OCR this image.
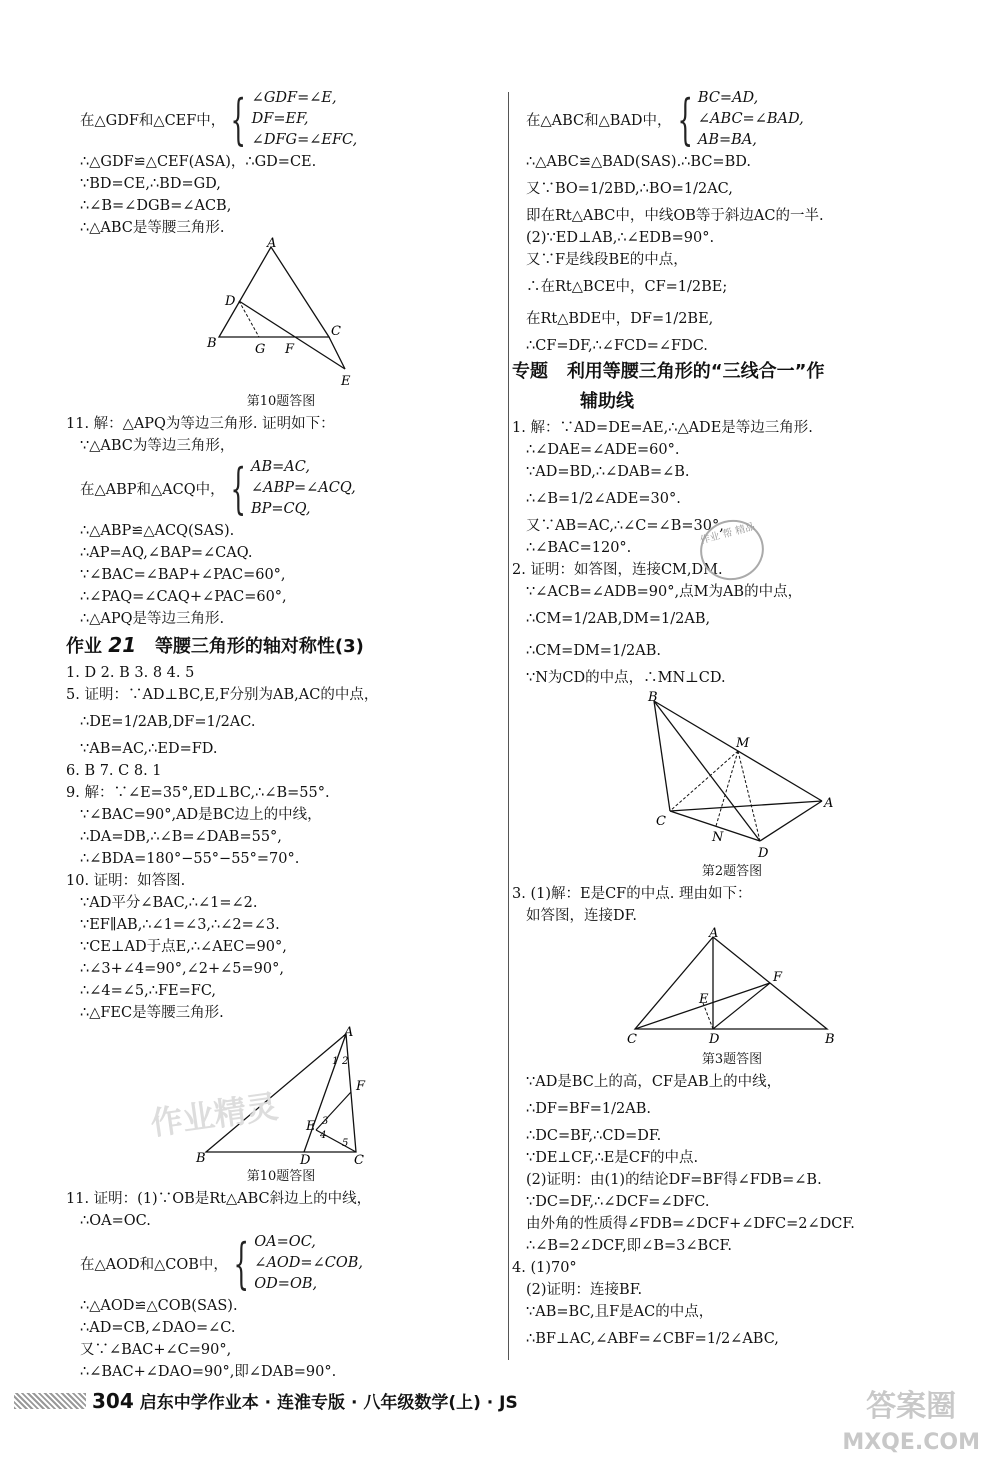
在△GDF和△CEF中， { ∠GDF=∠E,
DF=EF,
∠DFG=∠EFC,
∴△GDF≌△CEF(ASA)，∴GD=CE.
∵BD=CE,∴BD=GD,
∴∠B=∠DGB=∠ACB,
∴△ABC是等腰三角形.
A
D
B	G F
C
E
第10题答图
11. 解：△APQ为等边三角形. 证明如下：
∵△ABC为等边三角形，
在△ABP和△ACQ中， { AB=AC,
∠ABP=∠ACQ,
BP=CQ,
∴△ABP≌△ACQ(SAS).
∴AP=AQ,∠BAP=∠CAQ.
∵∠BAC=∠BAP+∠PAC=60°,
∴∠PAQ=∠CAQ+∠PAC=60°,
∴△APQ是等边三角形.
作业 21 等腰三角形的轴对称性(3)
1. D 2. B 3. 8 4. 5
5. 证明：∵AD⊥BC,E,F分别为AB,AC的中点，
∴DE=1/2AB,DF=1/2AC.
∵AB=AC,∴ED=FD.
6. B 7. C 8. 1
9. 解：∵∠E=35°,ED⊥BC,∴∠B=55°.
∵∠BAC=90°,AD是BC边上的中线，
∴DA=DB,∴∠B=∠DAB=55°,
∴∠BDA=180°−55°−55°=70°.
10. 证明：如答图.
∵AD平分∠BAC,∴∠1=∠2.
∵EF∥AB,∴∠1=∠3,∴∠2=∠3.
∵CE⊥AD于点E,∴∠AEC=90°,
∴∠3+∠4=90°,∠2+∠5=90°,
∴∠4=∠5,∴FE=FC,
∴△FEC是等腰三角形.
A
1 2
F
3
4
5
B	D	C
E
第10题答图
11. 证明：(1)∵OB是Rt△ABC斜边上的中线，
∴OA=OC.
在△AOD和△COB中， { OA=OC,
∠AOD=∠COB,
OD=OB,
∴△AOD≌△COB(SAS).
∴AD=CB,∠DAO=∠C.
又∵∠BAC+∠C=90°,
∴∠BAC+∠DAO=90°,即∠DAB=90°.
在△ABC和△BAD中， { BC=AD,
∠ABC=∠BAD,
AB=BA,
∴△ABC≌△BAD(SAS).∴BC=BD.
又∵BO=1/2BD,∴BO=1/2AC,
即在Rt△ABC中，中线OB等于斜边AC的一半.
(2)∵ED⊥AB,∴∠EDB=90°.
又∵F是线段BE的中点，
∴在Rt△BCE中，CF=1/2BE;
在Rt△BDE中，DF=1/2BE,
∴CF=DF,∴∠FCD=∠FDC.
专题 利用等腰三角形的“三线合一”作
辅助线
1. 解：∵AD=DE=AE,∴△ADE是等边三角形.
∴∠DAE=∠ADE=60°.
∵AD=BD,∴∠DAB=∠B.
∴∠B=1/2∠ADE=30°.
又∵AB=AC,∴∠C=∠B=30°,
∴∠BAC=120°.
2. 证明：如答图，连接CM,DM.
∵∠ACB=∠ADB=90°,点M为AB的中点，
∴CM=1/2AB,DM=1/2AB,
∴CM=DM=1/2AB.
∵N为CD的中点，∴MN⊥CD.
B
M
A
C
N
D
第2题答图
3. (1)解：E是CF的中点. 理由如下：
如答图，连接DF.
A
F
E
C	D	B
第3题答图
∵AD是BC上的高，CF是AB上的中线，
∴DF=BF=1/2AB.
∴DC=BF,∴CD=DF.
∵DE⊥CF,∴E是CF的中点.
(2)证明：由(1)的结论DF=BF得∠FDB=∠B.
∵DC=DF,∴∠DCF=∠DFC.
由外角的性质得∠FDB=∠DCF+∠DFC=2∠DCF.
∴∠B=2∠DCF,即∠B=3∠BCF.
4. (1)70°
(2)证明：连接BF.
∵AB=BC,且F是AC的中点，
∴BF⊥AC,∠ABF=∠CBF=1/2∠ABC,
作业 帮 精品
作业精灵
304 启东中学作业本 · 连淮专版 · 八年级数学(上) · JS	答案圈
MXQE.COM
